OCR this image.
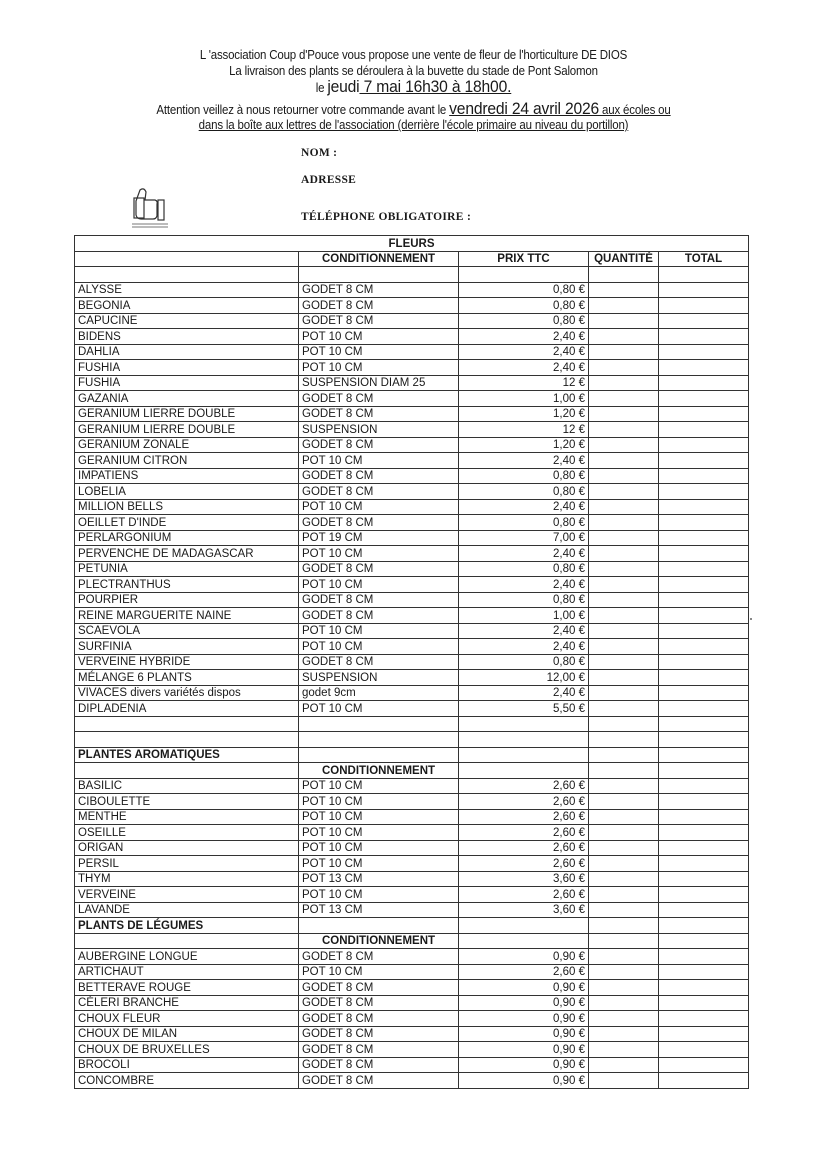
L 'association Coup d'Pouce vous propose une vente de fleur de l'horticulture DE DIOS
La livraison des plants se déroulera à la buvette du stade de Pont Salomon
le jeudi 7 mai 16h30 à 18h00.
Attention veillez à nous retourner votre commande avant le vendredi 24 avril 2026 aux écoles ou
dans la boîte aux lettres de l'association (derrière l'école primaire au niveau du portillon)
NOM :
ADRESSE
TÉLÉPHONE OBLIGATOIRE :
FLEURS				
	CONDITIONNEMENT	PRIX TTC	QUANTITÉ	TOTAL

ALYSSE	GODET 8 CM	0,80 €		
BEGONIA	GODET 8 CM	0,80 €		
CAPUCINE	GODET 8 CM	0,80 €		
BIDENS	POT 10 CM	2,40 €		
DAHLIA	POT 10 CM	2,40 €		
FUSHIA	POT 10 CM	2,40 €		
FUSHIA	SUSPENSION DIAM 25	12 €		
GAZANIA	GODET 8 CM	1,00 €		
GERANIUM LIERRE DOUBLE	GODET 8 CM	1,20 €		
GERANIUM LIERRE DOUBLE	SUSPENSION	12 €		
GERANIUM ZONALE	GODET 8 CM	1,20 €		
GERANIUM CITRON	POT 10 CM	2,40 €		
IMPATIENS	GODET 8 CM	0,80 €		
LOBELIA	GODET 8 CM	0,80 €		
MILLION BELLS	POT 10 CM	2,40 €		
OEILLET D'INDE	GODET 8 CM	0,80 €		
PERLARGONIUM	POT 19 CM	7,00 €		
PERVENCHE DE MADAGASCAR	POT 10 CM	2,40 €		
PETUNIA	GODET 8 CM	0,80 €		
PLECTRANTHUS	POT 10 CM	2,40 €		
POURPIER	GODET 8 CM	0,80 €		
REINE MARGUERITE NAINE	GODET 8 CM	1,00 €		
SCAEVOLA	POT 10 CM	2,40 €		
SURFINIA	POT 10 CM	2,40 €		
VERVEINE HYBRIDE	GODET 8 CM	0,80 €		
MÉLANGE 6 PLANTS	SUSPENSION	12,00 €		
VIVACES divers variétés dispos	godet 9cm	2,40 €		
DIPLADENIA	POT 10 CM	5,50 €		

PLANTES AROMATIQUES				
	CONDITIONNEMENT			
BASILIC	POT 10 CM	2,60 €		
CIBOULETTE	POT 10 CM	2,60 €		
MENTHE	POT 10 CM	2,60 €		
OSEILLE	POT 10 CM	2,60 €		
ORIGAN	POT 10 CM	2,60 €		
PERSIL	POT 10 CM	2,60 €		
THYM	POT 13 CM	3,60 €		
VERVEINE	POT 10 CM	2,60 €		
LAVANDE	POT 13 CM	3,60 €		
PLANTS DE LÉGUMES				
	CONDITIONNEMENT			
AUBERGINE LONGUE	GODET 8 CM	0,90 €		
ARTICHAUT	POT 10 CM	2,60 €		
BETTERAVE ROUGE	GODET 8 CM	0,90 €		
CÉLERI BRANCHE	GODET 8 CM	0,90 €		
CHOUX FLEUR	GODET 8 CM	0,90 €		
CHOUX DE MILAN	GODET 8 CM	0,90 €		
CHOUX DE BRUXELLES	GODET 8 CM	0,90 €		
BROCOLI	GODET 8 CM	0,90 €		
CONCOMBRE	GODET 8 CM	0,90 €		
